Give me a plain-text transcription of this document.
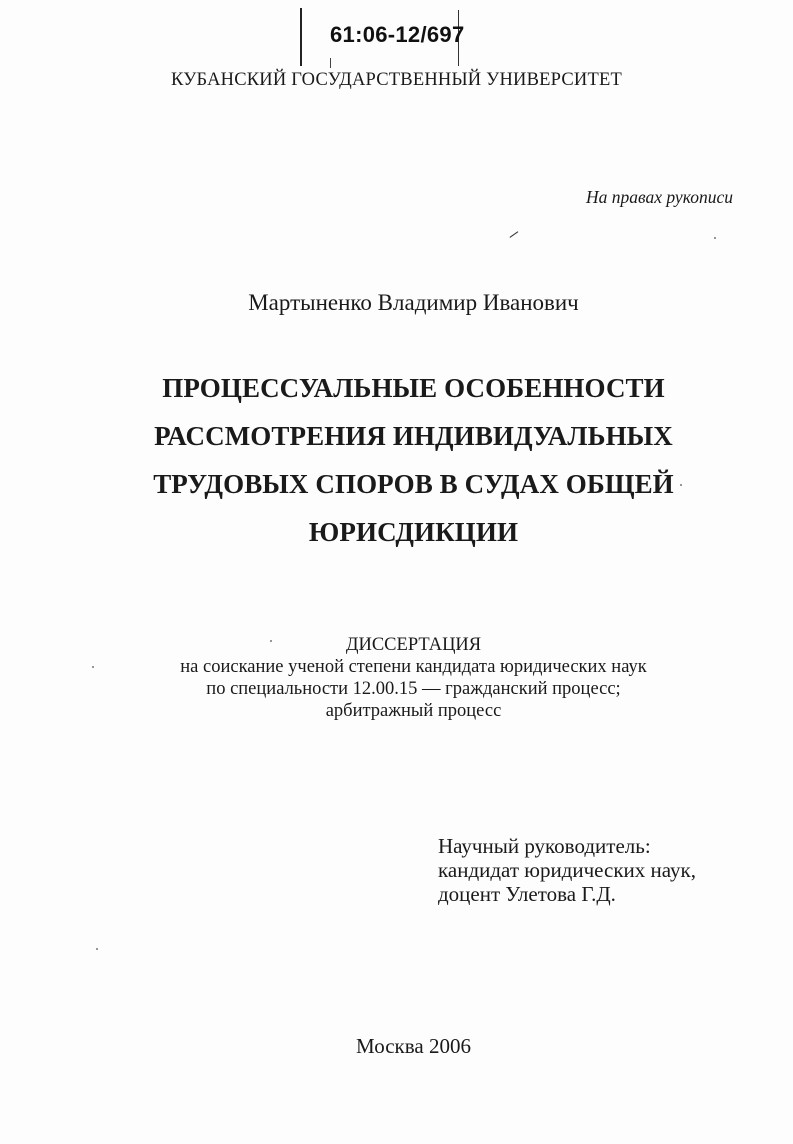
61:06-12/697
КУБАНСКИЙ ГОСУДАРСТВЕННЫЙ УНИВЕРСИТЕТ
На правах рукописи
Мартыненко Владимир Иванович
ПРОЦЕССУАЛЬНЫЕ ОСОБЕННОСТИ
РАССМОТРЕНИЯ ИНДИВИДУАЛЬНЫХ
ТРУДОВЫХ СПОРОВ В СУДАХ ОБЩЕЙ
ЮРИСДИКЦИИ
ДИССЕРТАЦИЯ
на соискание ученой степени кандидата юридических наук
по специальности 12.00.15 — гражданский процесс;
арбитражный процесс
Научный руководитель:
кандидат юридических наук,
доцент Улетова Г.Д.
Москва 2006
